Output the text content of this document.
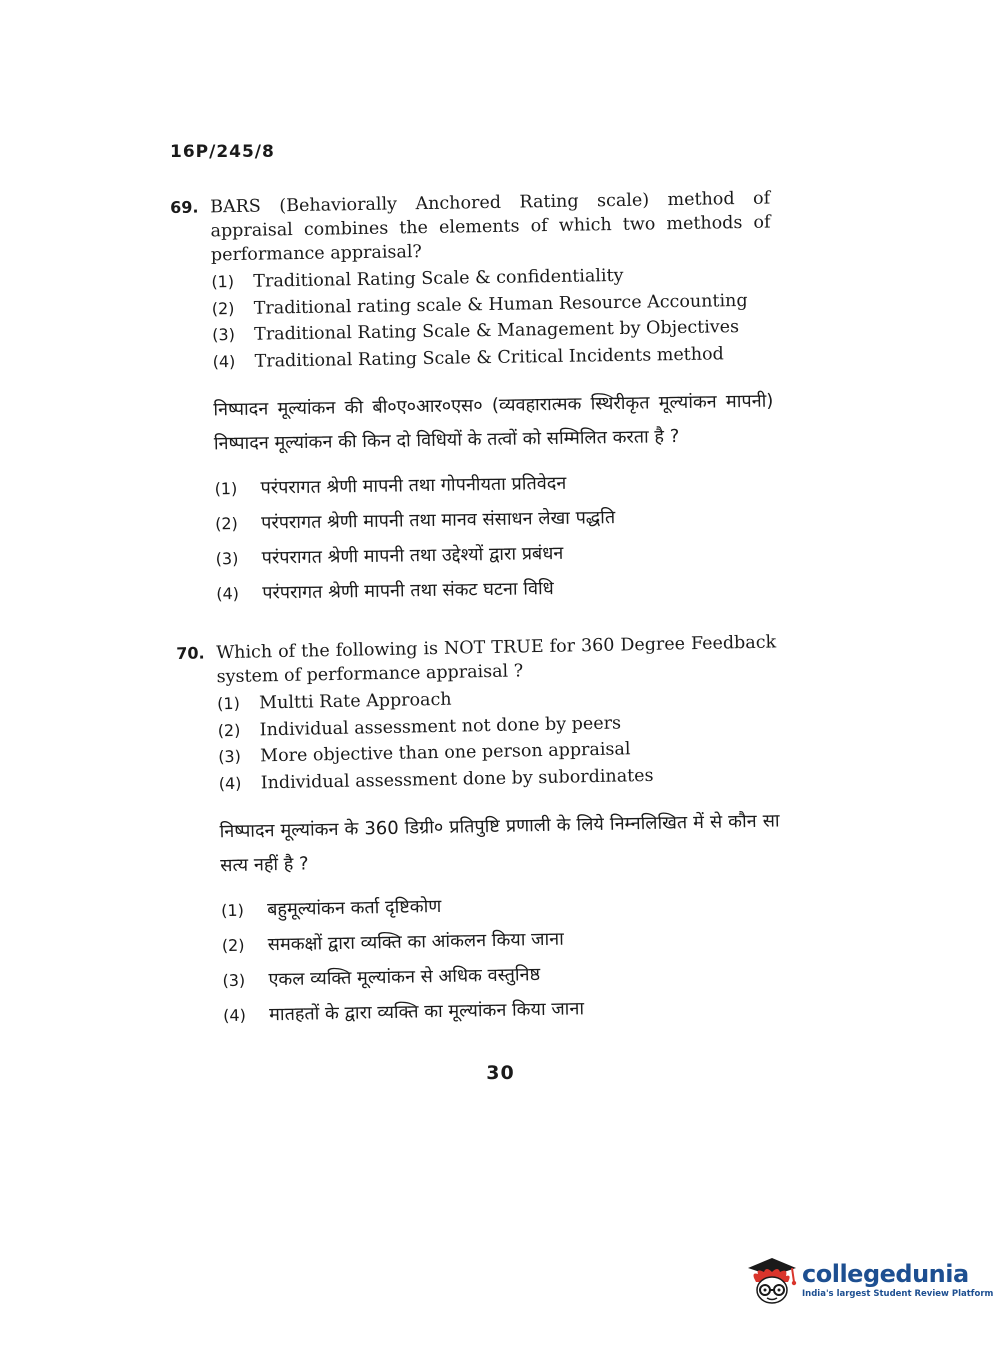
16P/245/8
69. BARS (Behaviorally Anchored Rating scale) method of appraisal combines the elements of which two methods of performance appraisal?
(1)	Traditional Rating Scale & confidentiality
(2)	Traditional rating scale & Human Resource Accounting
(3)	Traditional Rating Scale & Management by Objectives
(4)	Traditional Rating Scale & Critical Incidents method
निष्पादन मूल्यांकन की बी०ए०आर०एस० (व्यवहारात्मक स्थिरीकृत मूल्यांकन मापनी) निष्पादन मूल्यांकन की किन दो विधियों के तत्वों को सम्मिलित करता है ?
(1)	परंपरागत श्रेणी मापनी तथा गोपनीयता प्रतिवेदन
(2)	परंपरागत श्रेणी मापनी तथा मानव संसाधन लेखा पद्धति
(3)	परंपरागत श्रेणी मापनी तथा उद्देश्यों द्वारा प्रबंधन
(4)	परंपरागत श्रेणी मापनी तथा संकट घटना विधि
70. Which of the following is NOT TRUE for 360 Degree Feedback system of performance appraisal ?
(1)	Multti Rate Approach
(2)	Individual assessment not done by peers
(3)	More objective than one person appraisal
(4)	Individual assessment done by subordinates
निष्पादन मूल्यांकन के 360 डिग्री० प्रतिपुष्टि प्रणाली के लिये निम्नलिखित में से कौन सा सत्य नहीं है ?
(1)	बहुमूल्यांकन कर्ता दृष्टिकोण
(2)	समकक्षों द्वारा व्यक्ति का आंकलन किया जाना
(3)	एकल व्यक्ति मूल्यांकन से अधिक वस्तुनिष्ठ
(4)	मातहतों के द्वारा व्यक्ति का मूल्यांकन किया जाना
30
collegedunia
India's largest Student Review Platform
